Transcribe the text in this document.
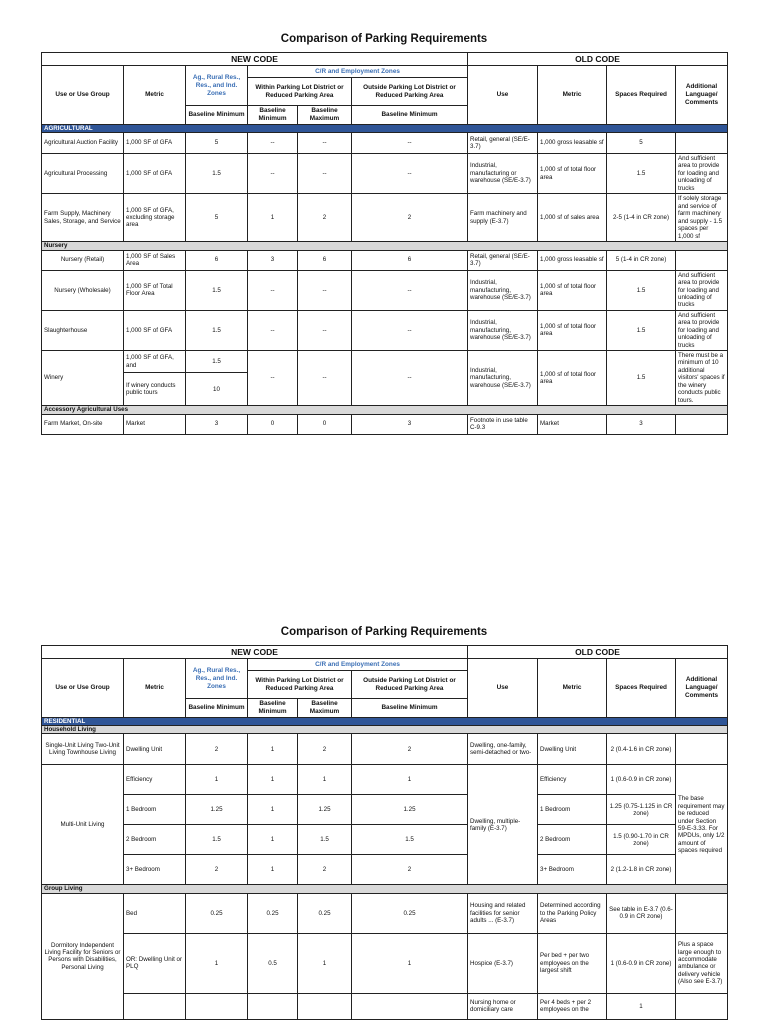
Comparison of Parking Requirements
NEW CODE						OLD CODE			
Use or Use Group	Metric	Ag., Rural Res., Res., and Ind. Zones	C/R and Employment Zones			Use	Metric	Spaces Required	Additional Language/ Comments
			Within Parking Lot District or Reduced Parking Area		Outside Parking Lot District or Reduced Parking Area				
		Baseline Minimum	Baseline Minimum	Baseline Maximum	Baseline Minimum				
AGRICULTURAL									
Agricultural Auction Facility	1,000 SF of GFA	5	--	--	--	Retail, general (SE/E-3.7)	1,000 gross leasable sf	5	
Agricultural Processing	1,000 SF of GFA	1.5	--	--	--	Industrial, manufacturing or warehouse (SE/E-3.7)	1,000 sf of total floor area	1.5	And sufficient area to provide for loading and unloading of trucks
Farm Supply, Machinery Sales, Storage, and Service	1,000 SF of GFA, excluding storage area	5	1	2	2	Farm machinery and supply (E-3.7)	1,000 sf of sales area	2-5 (1-4 in CR zone)	If solely storage and service of farm machinery and supply - 1.5 spaces per 1,000 sf
Nursery									
Nursery (Retail)	1,000 SF of Sales Area	6	3	6	6	Retail, general (SE/E-3.7)	1,000 gross leasable sf	5 (1-4 in CR zone)	
Nursery (Wholesale)	1,000 SF of Total Floor Area	1.5	--	--	--	Industrial, manufacturing, warehouse (SE/E-3.7)	1,000 sf of total floor area	1.5	And sufficient area to provide for loading and unloading of trucks
Slaughterhouse	1,000 SF of GFA	1.5	--	--	--	Industrial, manufacturing, warehouse (SE/E-3.7)	1,000 sf of total floor area	1.5	And sufficient area to provide for loading and unloading of trucks
Winery	1,000 SF of GFA, and	1.5	--	--	--	Industrial, manufacturing, warehouse (SE/E-3.7)	1,000 sf of total floor area	1.5	There must be a minimum of 10 additional visitors' spaces if the winery conducts public tours.
	If winery conducts public tours	10							
Accessory Agricultural Uses									
Farm Market, On-site	Market	3	0	0	3	Footnote in use table C-9.3	Market	3	
Comparison of Parking Requirements
NEW CODE						OLD CODE			
Use or Use Group	Metric	Ag., Rural Res., Res., and Ind. Zones	C/R and Employment Zones			Use	Metric	Spaces Required	Additional Language/ Comments
			Within Parking Lot District or Reduced Parking Area		Outside Parking Lot District or Reduced Parking Area				
		Baseline Minimum	Baseline Minimum	Baseline Maximum	Baseline Minimum				
RESIDENTIAL									
Household Living									
Single-Unit Living Two-Unit Living Townhouse Living	Dwelling Unit	2	1	2	2	Dwelling, one-family, semi-detached or two-	Dwelling Unit	2 (0.4-1.6 in CR zone)	
Multi-Unit Living	Efficiency	1	1	1	1	Dwelling, multiple-family (E-3.7)	Efficiency	1 (0.6-0.9 in CR zone)	The base requirement may be reduced under Section 59-E-3.33. For MPDUs, only 1/2 amount of spaces required
	1 Bedroom	1.25	1	1.25	1.25		1 Bedroom	1.25 (0.75-1.125 in CR zone)	
	2 Bedroom	1.5	1	1.5	1.5		2 Bedroom	1.5 (0.90-1.70 in CR zone)	
	3+ Bedroom	2	1	2	2		3+ Bedroom	2 (1.2-1.8 in CR zone)	
Group Living									
Dormitory Independent Living Facility for Seniors or Persons with Disabilities, Personal Living	Bed	0.25	0.25	0.25	0.25	Housing and related facilities for senior adults ... (E-3.7)	Determined according to the Parking Policy Areas	See table in E-3.7 (0.6-0.9 in CR zone)	
	OR: Dwelling Unit or PLQ	1	0.5	1	1	Hospice (E-3.7)	Per bed + per two employees on the largest shift	1 (0.6-0.9 in CR zone)	Plus a space large enough to accommodate ambulance or delivery vehicle (Also see E-3.7)
						Nursing home or domiciliary care	Per 4 beds + per 2 employees on the	1	
